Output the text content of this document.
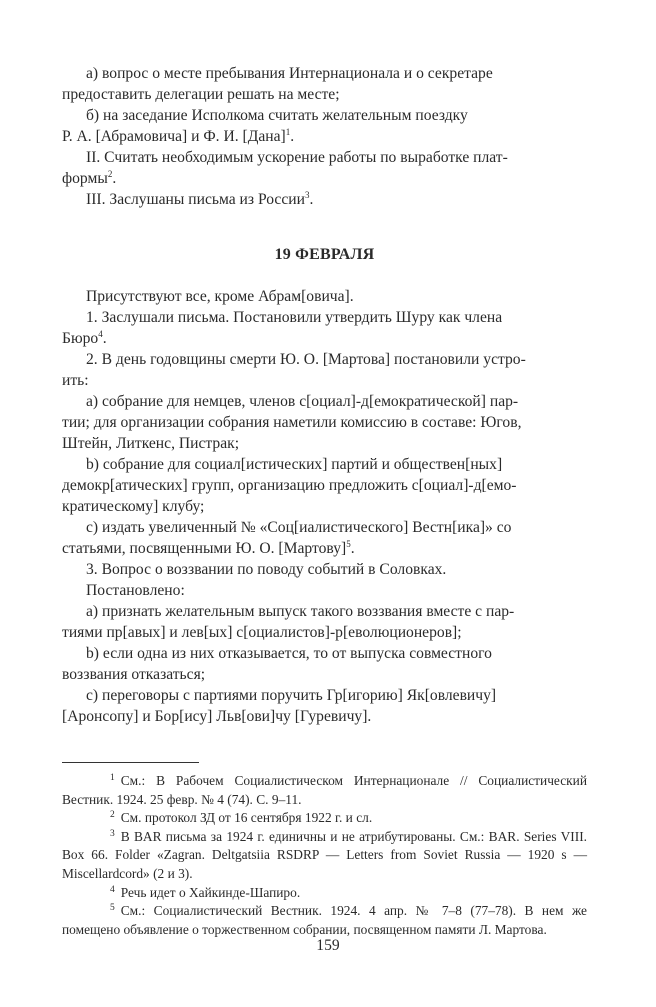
а) вопрос о месте пребывания Интернационала и о секретаре
предоставить делегации решать на месте;

б) на заседание Исполкома считать желательным поездку
Р. А. [Абрамовича] и Ф. И. [Дана]$^1$.

II. Считать необходимым ускорение работы по выработке плат-
формы$^2$.

III. Заслушаны письма из России$^3$.

19 ФЕВРАЛЯ

Присутствуют все, кроме Абрам[овича].

1. Заслушали письма. Постановили утвердить Шуру как члена
Бюро$^4$.

2. В день годовщины смерти Ю. О. [Мартова] постановили устро-
ить:

а) собрание для немцев, членов с[оциал]-д[емократической] пар-
тии; для организации собрания наметили комиссию в составе: Югов,
Штейн, Литкенс, Пистрак;

b) собрание для социал[истических] партий и обществен[ных]
демокр[атических] групп, организацию предложить с[оциал]-д[емо-
кратическому] клубу;

c) издать увеличенный № «Соц[иалистического] Вестн[ика]» со
статьями, посвященными Ю. О. [Мартову]$^5$.

3. Вопрос о воззвании по поводу событий в Соловках.

Постановлено:

а) признать желательным выпуск такого воззвания вместе с пар-
тиями пр[авых] и лев[ых] с[оциалистов]-р[еволюционеров];

b) если одна из них отказывается, то от выпуска совместного
воззвания отказаться;

c) переговоры с партиями поручить Гр[игорию] Як[овлевичу]
[Аронсопу] и Бор[ису] Льв[ови]чу [Гуревичу].

$^1$ См.: В Рабочем Социалистическом Интернационале // Социалистический Вестник. 1924. 25 февр. № 4 (74). С. 9–11.

$^2$ См. протокол ЗД от 16 сентября 1922 г. и сл.

$^3$ В BAR письма за 1924 г. единичны и не атрибутированы. См.: BAR. Series VIII. Box 66. Folder «Zagran. Deltgatsiia RSDRP — Letters from Soviet Russia — 1920 s — Miscellardcord» (2 и 3).

$^4$ Речь идет о Хайкинде-Шапиро.

$^5$ См.: Социалистический Вестник. 1924. 4 апр. № 7–8 (77–78). В нем же помещено объявление о торжественном собрании, посвященном памяти Л. Мартова.

159
